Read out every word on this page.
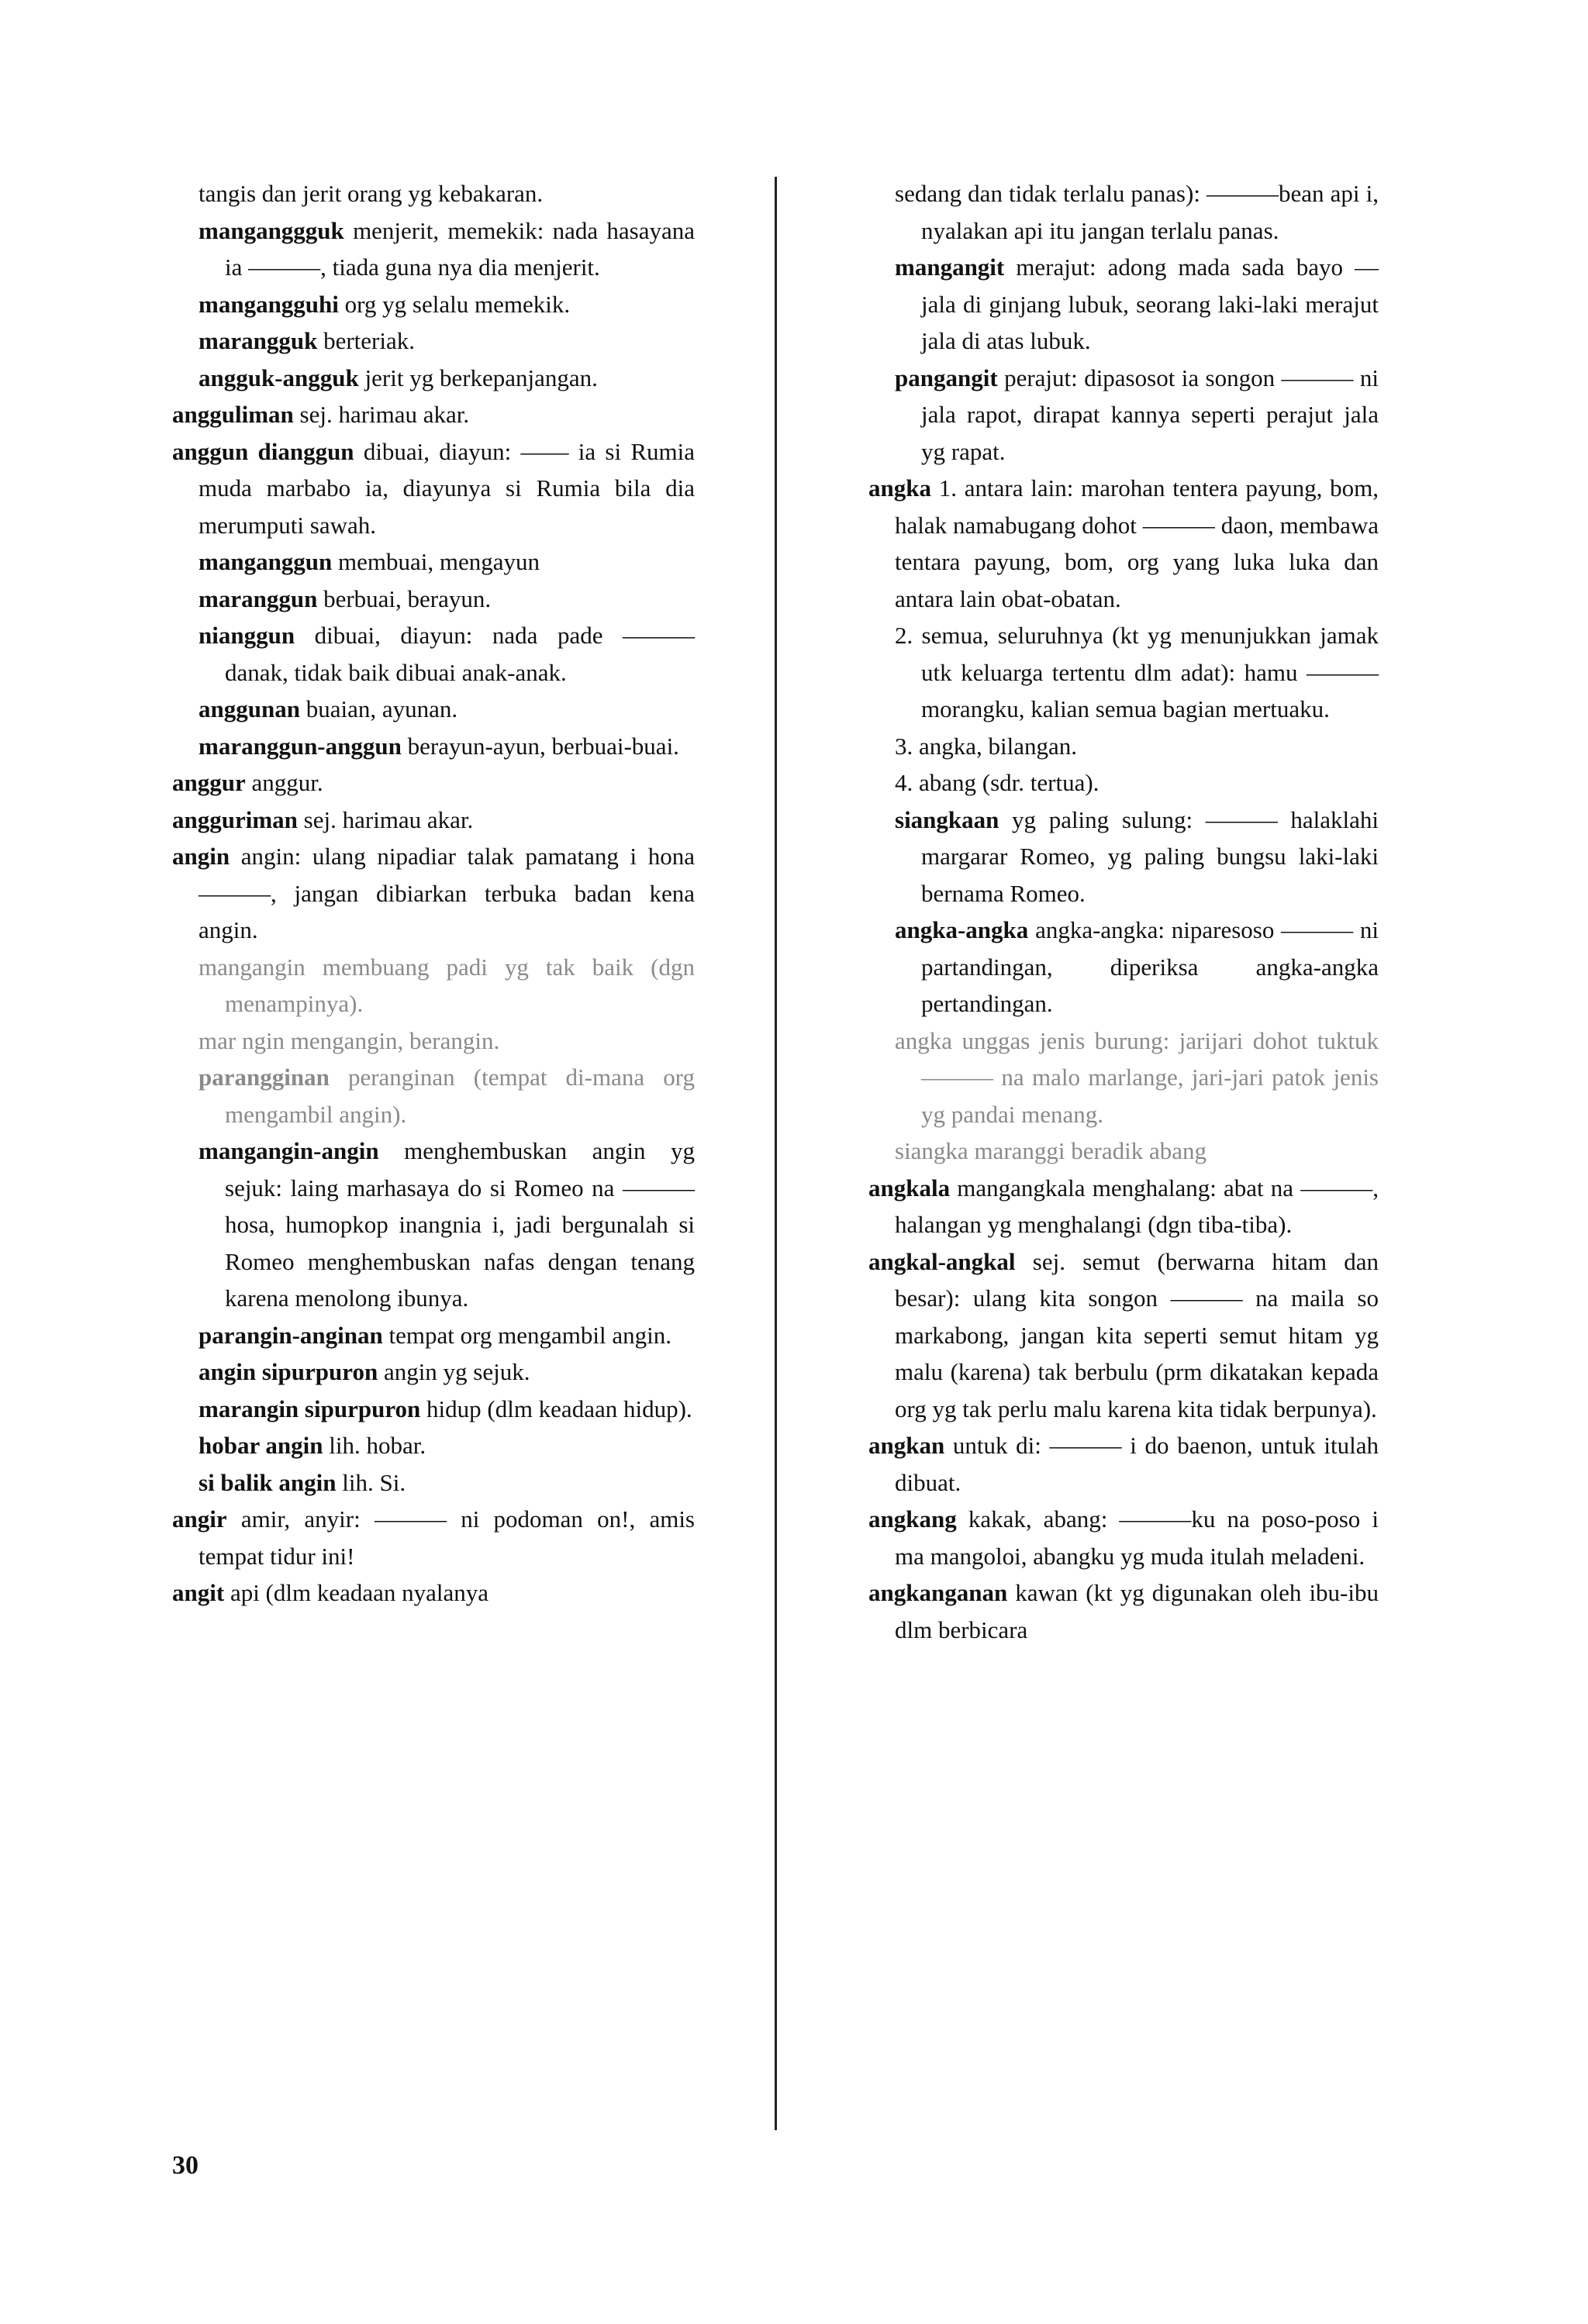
tangis dan jerit orang yg kebakaran.
manganggguk menjerit, memekik: nada hasayana ia ———, tiada guna nya dia menjerit.
mangangguhi org yg selalu memekik.
marangguk berteriak.
angguk-angguk jerit yg berkepanjangan.
angguliman sej. harimau akar.
anggun dianggun dibuai, diayun: —— ia si Rumia muda marbabo ia, diayunya si Rumia bila dia merumputi sawah.
manganggun membuai, mengayun
maranggun berbuai, berayun.
nianggun dibuai, diayun: nada pade ——— danak, tidak baik dibuai anak-anak.
anggunan buaian, ayunan.
maranggun-anggun berayun-ayun, berbuai-buai.
anggur anggur.
angguriman sej. harimau akar.
angin angin: ulang nipadiar talak pamatang i hona ———, jangan dibiarkan terbuka badan kena angin.
mangangin membuang padi yg tak baik (dgn menampinya).
mar ngin mengangin, berangin.
parangginan peranginan (tempat di-mana org mengambil angin).
mangangin-angin menghembuskan angin yg sejuk: laing marhasaya do si Romeo na ——— hosa, humopkop inangnia i, jadi bergunalah si Romeo menghembuskan nafas dengan tenang karena menolong ibunya.
parangin-anginan tempat org mengambil angin.
angin sipurpuron angin yg sejuk.
marangin sipurpuron hidup (dlm keadaan hidup).
hobar angin lih. hobar.
si balik angin lih. Si.
angir amir, anyir: ——— ni podoman on!, amis tempat tidur ini!
angit api (dlm keadaan nyalanya
sedang dan tidak terlalu panas): ———bean api i, nyalakan api itu jangan terlalu panas.
mangangit merajut: adong mada sada bayo — jala di ginjang lubuk, seorang laki-laki merajut jala di atas lubuk.
pangangit perajut: dipasosot ia songon ——— ni jala rapot, dirapat kannya seperti perajut jala yg rapat.
angka 1. antara lain: marohan tentera payung, bom, halak namabugang dohot ——— daon, membawa tentara payung, bom, org yang luka luka dan antara lain obat-obatan.
2. semua, seluruhnya (kt yg menunjukkan jamak utk keluarga tertentu dlm adat): hamu ——— morangku, kalian semua bagian mertuaku.
3. angka, bilangan.
4. abang (sdr. tertua).
siangkaan yg paling sulung: ——— halaklahi margarar Romeo, yg paling bungsu laki-laki bernama Romeo.
angka-angka angka-angka: niparesoso ——— ni partandingan, diperiksa angka-angka pertandingan.
angka unggas jenis burung: jarijari dohot tuktuk ——— na malo marlange, jari-jari patok jenis yg pandai menang.
siangka maranggi beradik abang
angkala mangangkala menghalang: abat na ———, halangan yg menghalangi (dgn tiba-tiba).
angkal-angkal sej. semut (berwarna hitam dan besar): ulang kita songon ——— na maila so markabong, jangan kita seperti semut hitam yg malu (karena) tak berbulu (prm dikatakan kepada org yg tak perlu malu karena kita tidak berpunya).
angkan untuk di: ——— i do baenon, untuk itulah dibuat.
angkang kakak, abang: ———ku na poso-poso i ma mangoloi, abangku yg muda itulah meladeni.
angkanganan kawan (kt yg digunakan oleh ibu-ibu dlm berbicara
30
